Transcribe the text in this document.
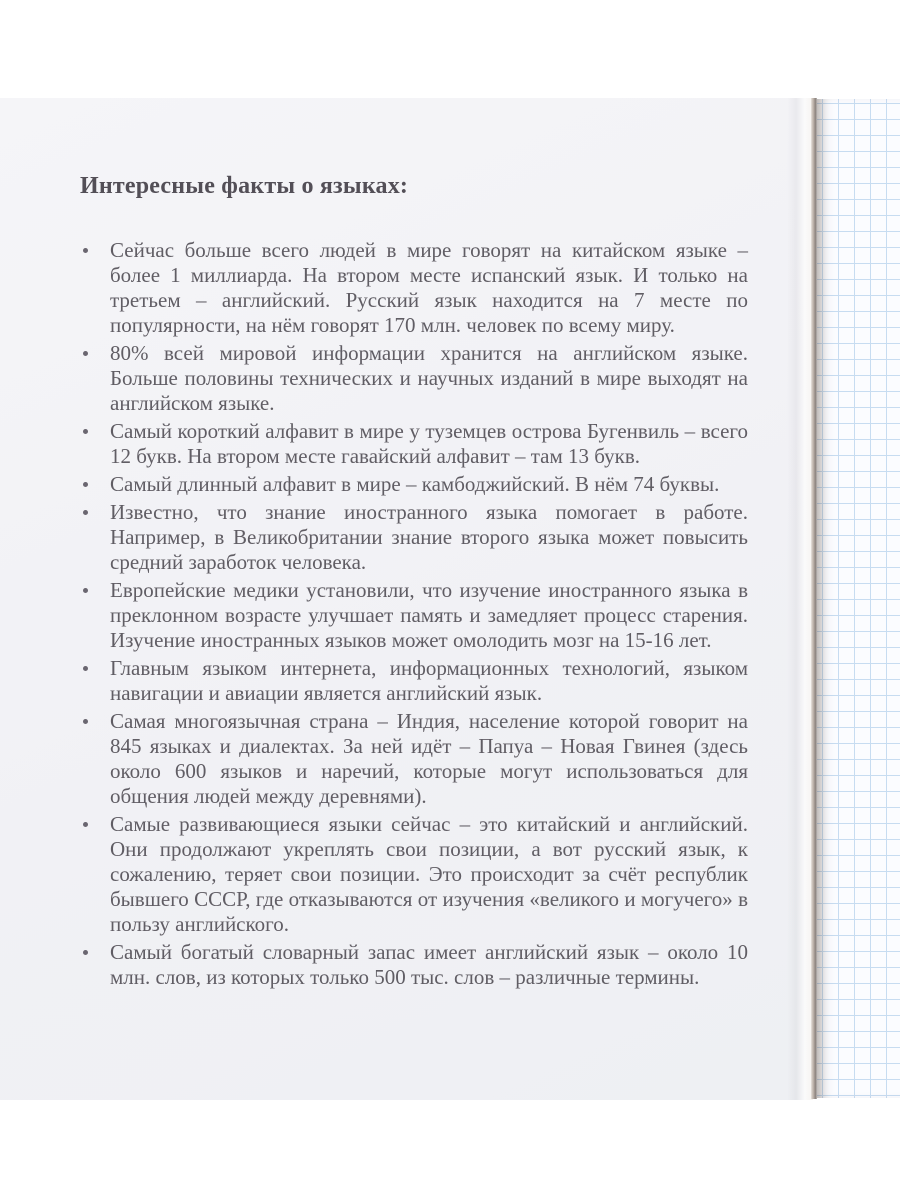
Интересные факты о языках:
Сейчас больше всего людей в мире говорят на китайском языке – более 1 миллиарда. На втором месте испанский язык. И только на третьем – английский. Русский язык находится на 7 месте по популярности, на нём говорят 170 млн. человек по всему миру.
80% всей мировой информации хранится на английском языке. Больше половины технических и научных изданий в мире выходят на английском языке.
Самый короткий алфавит в мире у туземцев острова Бугенвиль – всего 12 букв. На втором месте гавайский алфавит – там 13 букв.
Самый длинный алфавит в мире – камбоджийский. В нём 74 буквы.
Известно, что знание иностранного языка помогает в работе. Например, в Великобритании знание второго языка может повысить средний заработок человека.
Европейские медики установили, что изучение иностранного языка в преклонном возрасте улучшает память и замедляет процесс старения. Изучение иностранных языков может омолодить мозг на 15-16 лет.
Главным языком интернета, информационных технологий, языком навигации и авиации является английский язык.
Самая многоязычная страна – Индия, население которой говорит на 845 языках и диалектах. За ней идёт – Папуа – Новая Гвинея (здесь около 600 языков и наречий, которые могут использоваться для общения людей между деревнями).
Самые развивающиеся языки сейчас – это китайский и английский. Они продолжают укреплять свои позиции, а вот русский язык, к сожалению, теряет свои позиции. Это происходит за счёт республик бывшего СССР, где отказываются от изучения «великого и могучего» в пользу английского.
Самый богатый словарный запас имеет английский язык – около 10 млн. слов, из которых только 500 тыс. слов – различные термины.
